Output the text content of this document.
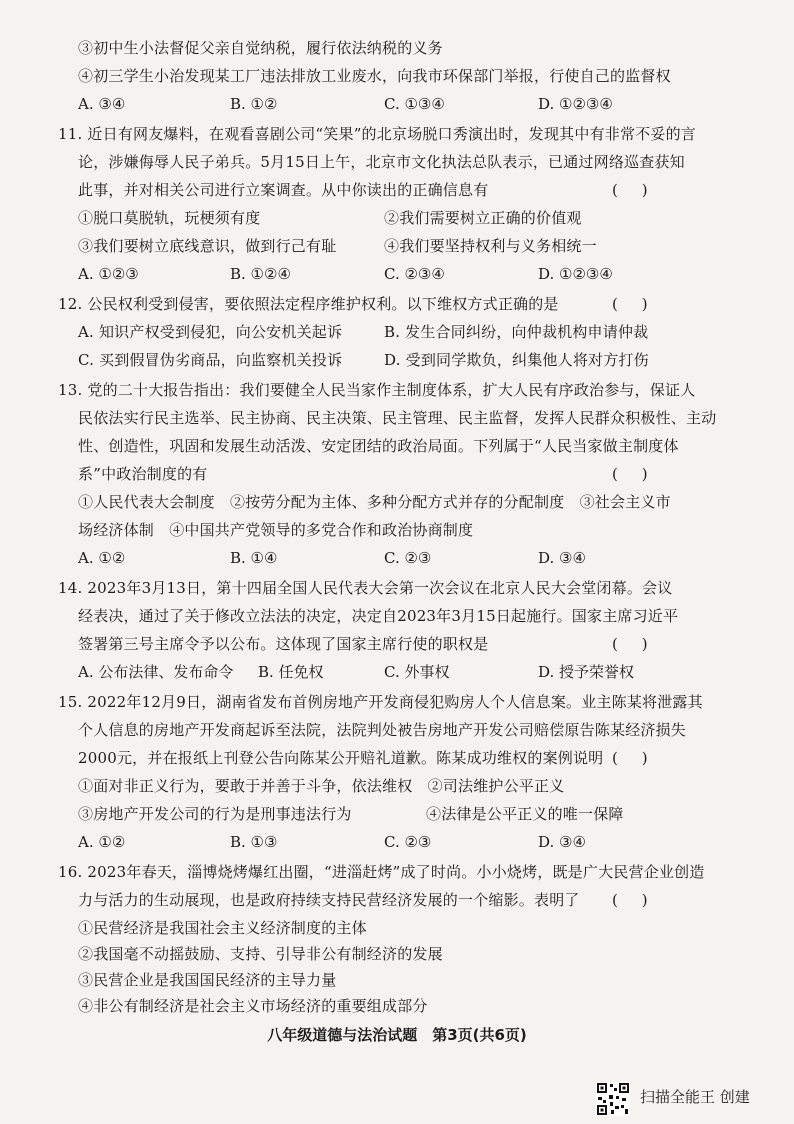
③初中生小法督促父亲自觉纳税，履行依法纳税的义务
④初三学生小治发现某工厂违法排放工业废水，向我市环保部门举报，行使自己的监督权
A. ③④	B. ①②	C. ①③④	D. ①②③④
11. 近日有网友爆料，在观看喜剧公司“笑果”的北京场脱口秀演出时，发现其中有非常不妥的言
论，涉嫌侮辱人民子弟兵。5月15日上午，北京市文化执法总队表示，已通过网络巡查获知
此事，并对相关公司进行立案调查。从中你读出的正确信息有	(     )
①脱口莫脱轨，玩梗须有度	②我们需要树立正确的价值观
③我们要树立底线意识，做到行己有耻	④我们要坚持权利与义务相统一
A. ①②③	B. ①②④	C. ②③④	D. ①②③④
12. 公民权利受到侵害，要依照法定程序维护权利。以下维权方式正确的是	(     )
A. 知识产权受到侵犯，向公安机关起诉	B. 发生合同纠纷，向仲裁机构申请仲裁
C. 买到假冒伪劣商品，向监察机关投诉	D. 受到同学欺负，纠集他人将对方打伤
13. 党的二十大报告指出：我们要健全人民当家作主制度体系，扩大人民有序政治参与，保证人
民依法实行民主选举、民主协商、民主决策、民主管理、民主监督，发挥人民群众积极性、主动
性、创造性，巩固和发展生动活泼、安定团结的政治局面。下列属于“人民当家做主制度体
系”中政治制度的有	(     )
①人民代表大会制度　②按劳分配为主体、多种分配方式并存的分配制度　③社会主义市
场经济体制　④中国共产党领导的多党合作和政治协商制度
A. ①②	B. ①④	C. ②③	D. ③④
14. 2023年3月13日，第十四届全国人民代表大会第一次会议在北京人民大会堂闭幕。会议
经表决，通过了关于修改立法法的决定，决定自2023年3月15日起施行。国家主席习近平
签署第三号主席令予以公布。这体现了国家主席行使的职权是	(     )
A. 公布法律、发布命令 B. 任免权	C. 外事权	D. 授予荣誉权
15. 2022年12月9日，湖南省发布首例房地产开发商侵犯购房人个人信息案。业主陈某将泄露其
个人信息的房地产开发商起诉至法院，法院判处被告房地产开发公司赔偿原告陈某经济损失
2000元，并在报纸上刊登公告向陈某公开赔礼道歉。陈某成功维权的案例说明 (     )
①面对非正义行为，要敢于并善于斗争，依法维权　②司法维护公平正义
③房地产开发公司的行为是刑事违法行为	④法律是公平正义的唯一保障
A. ①②	B. ①③	C. ②③	D. ③④
16. 2023年春天，淄博烧烤爆红出圈，“进淄赶烤”成了时尚。小小烧烤，既是广大民营企业创造
力与活力的生动展现，也是政府持续支持民营经济发展的一个缩影。表明了 (     )
①民营经济是我国社会主义经济制度的主体
②我国毫不动摇鼓励、支持、引导非公有制经济的发展
③民营企业是我国国民经济的主导力量
④非公有制经济是社会主义市场经济的重要组成部分
八年级道德与法治试题　第3页(共6页)
扫描全能王 创建
